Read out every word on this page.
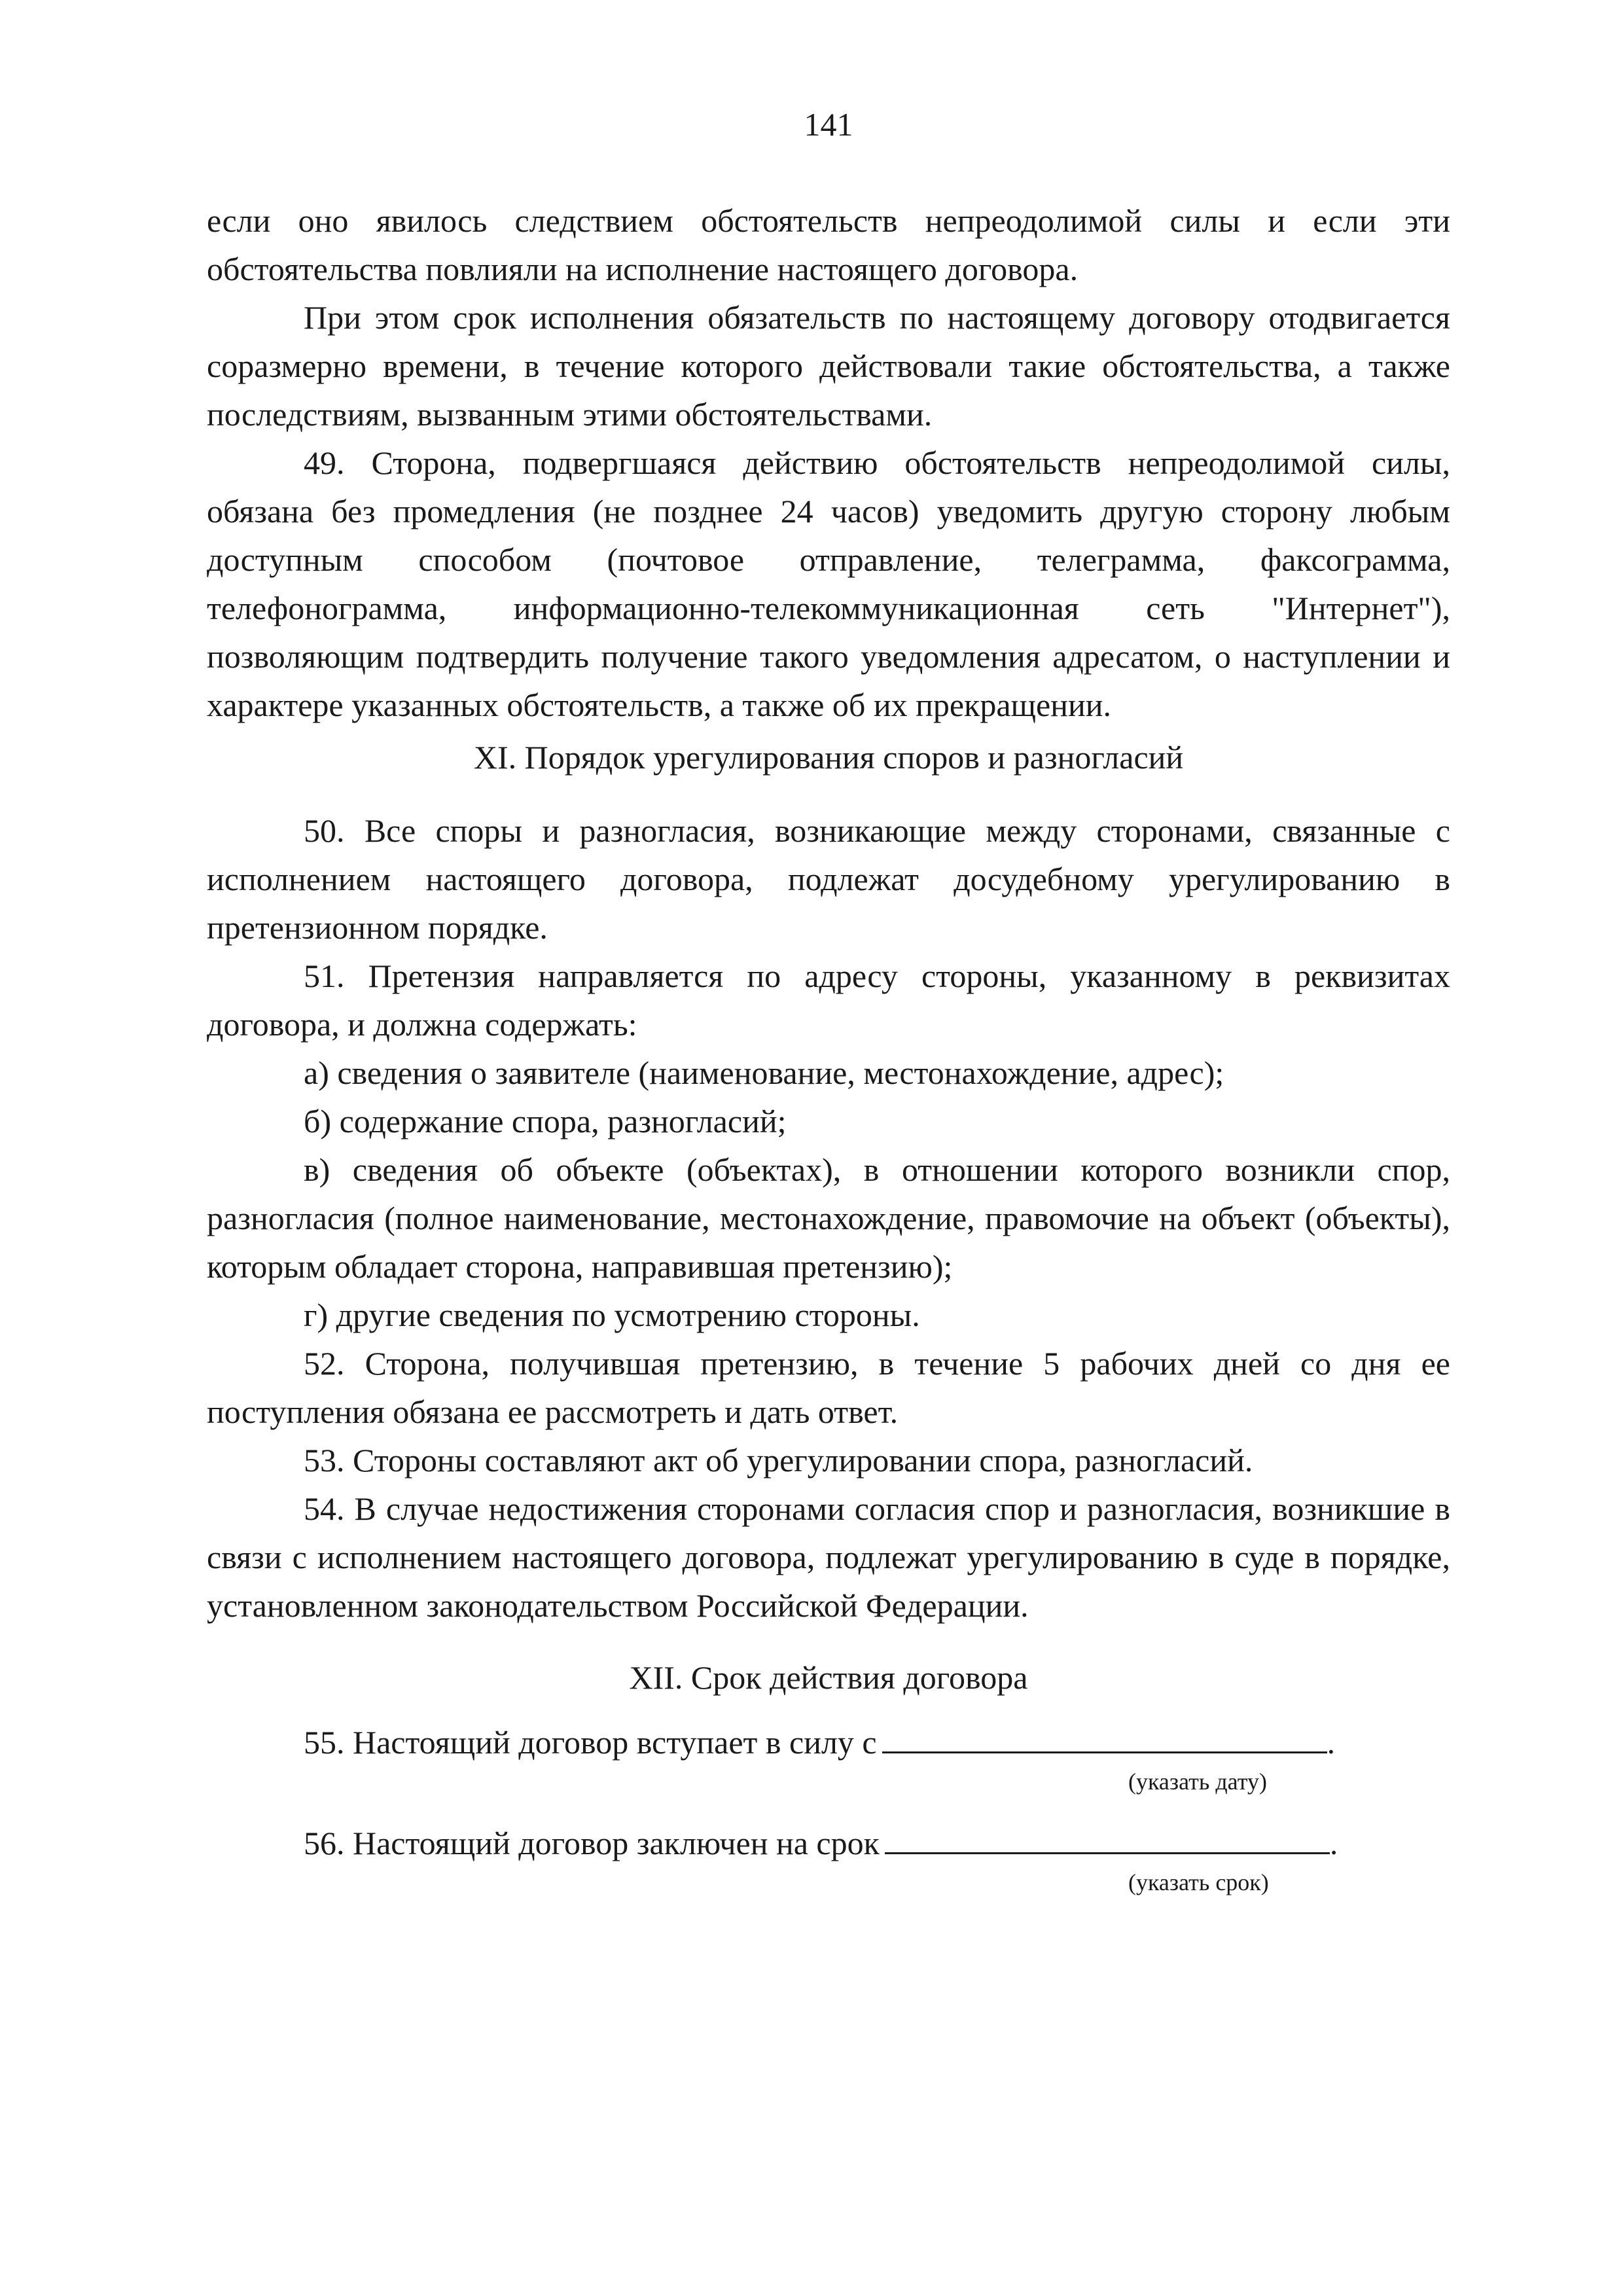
141

если оно явилось следствием обстоятельств непреодолимой силы и если эти обстоятельства повлияли на исполнение настоящего договора.

При этом срок исполнения обязательств по настоящему договору отодвигается соразмерно времени, в течение которого действовали такие обстоятельства, а также последствиям, вызванным этими обстоятельствами.

49. Сторона, подвергшаяся действию обстоятельств непреодолимой силы, обязана без промедления (не позднее 24 часов) уведомить другую сторону любым доступным способом (почтовое отправление, телеграмма, факсограмма, телефонограмма, информационно-телекоммуникационная сеть "Интернет"), позволяющим подтвердить получение такого уведомления адресатом, о наступлении и характере указанных обстоятельств, а также об их прекращении.

XI. Порядок урегулирования споров и разногласий

50. Все споры и разногласия, возникающие между сторонами, связанные с исполнением настоящего договора, подлежат досудебному урегулированию в претензионном порядке.

51. Претензия направляется по адресу стороны, указанному в реквизитах договора, и должна содержать:

а) сведения о заявителе (наименование, местонахождение, адрес);

б) содержание спора, разногласий;

в) сведения об объекте (объектах), в отношении которого возникли спор, разногласия (полное наименование, местонахождение, правомочие на объект (объекты), которым обладает сторона, направившая претензию);

г) другие сведения по усмотрению стороны.

52. Сторона, получившая претензию, в течение 5 рабочих дней со дня ее поступления обязана ее рассмотреть и дать ответ.

53. Стороны составляют акт об урегулировании спора, разногласий.

54. В случае недостижения сторонами согласия спор и разногласия, возникшие в связи с исполнением настоящего договора, подлежат урегулированию в суде в порядке, установленном законодательством Российской Федерации.

XII. Срок действия договора

55. Настоящий договор вступает в силу с	.
(указать дату)
56. Настоящий договор заключен на срок	.
(указать срок)
